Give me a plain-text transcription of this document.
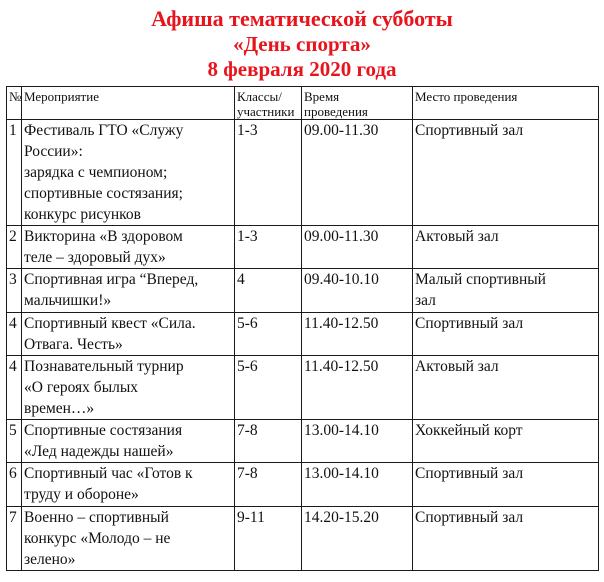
Афиша тематической субботы
«День спорта»
8 февраля 2020 года
№	Мероприятие	Классы/
участники	Время
проведения	Место проведения
1	Фестиваль ГТО «Служу
России»:
зарядка с чемпионом;
спортивные состязания;
конкурс рисунков	1-3	09.00-11.30	Спортивный зал
2	Викторина «В здоровом
теле – здоровый дух»	1-3	09.00-11.30	Актовый зал
3	Спортивная игра “Вперед,
мальчишки!»	4	09.40-10.10	Малый спортивный
зал
4	Спортивный квест «Сила.
Отвага. Честь»	5-6	11.40-12.50	Спортивный зал
4	Познавательный турнир
«О героях былых
времен…»	5-6	11.40-12.50	Актовый зал
5	Спортивные состязания
«Лед надежды нашей»	7-8	13.00-14.10	Хоккейный корт
6	Спортивный час «Готов к
труду и обороне»	7-8	13.00-14.10	Спортивный зал
7	Военно – спортивный
конкурс «Молодо – не
зелено»	9-11	14.20-15.20	Спортивный зал
